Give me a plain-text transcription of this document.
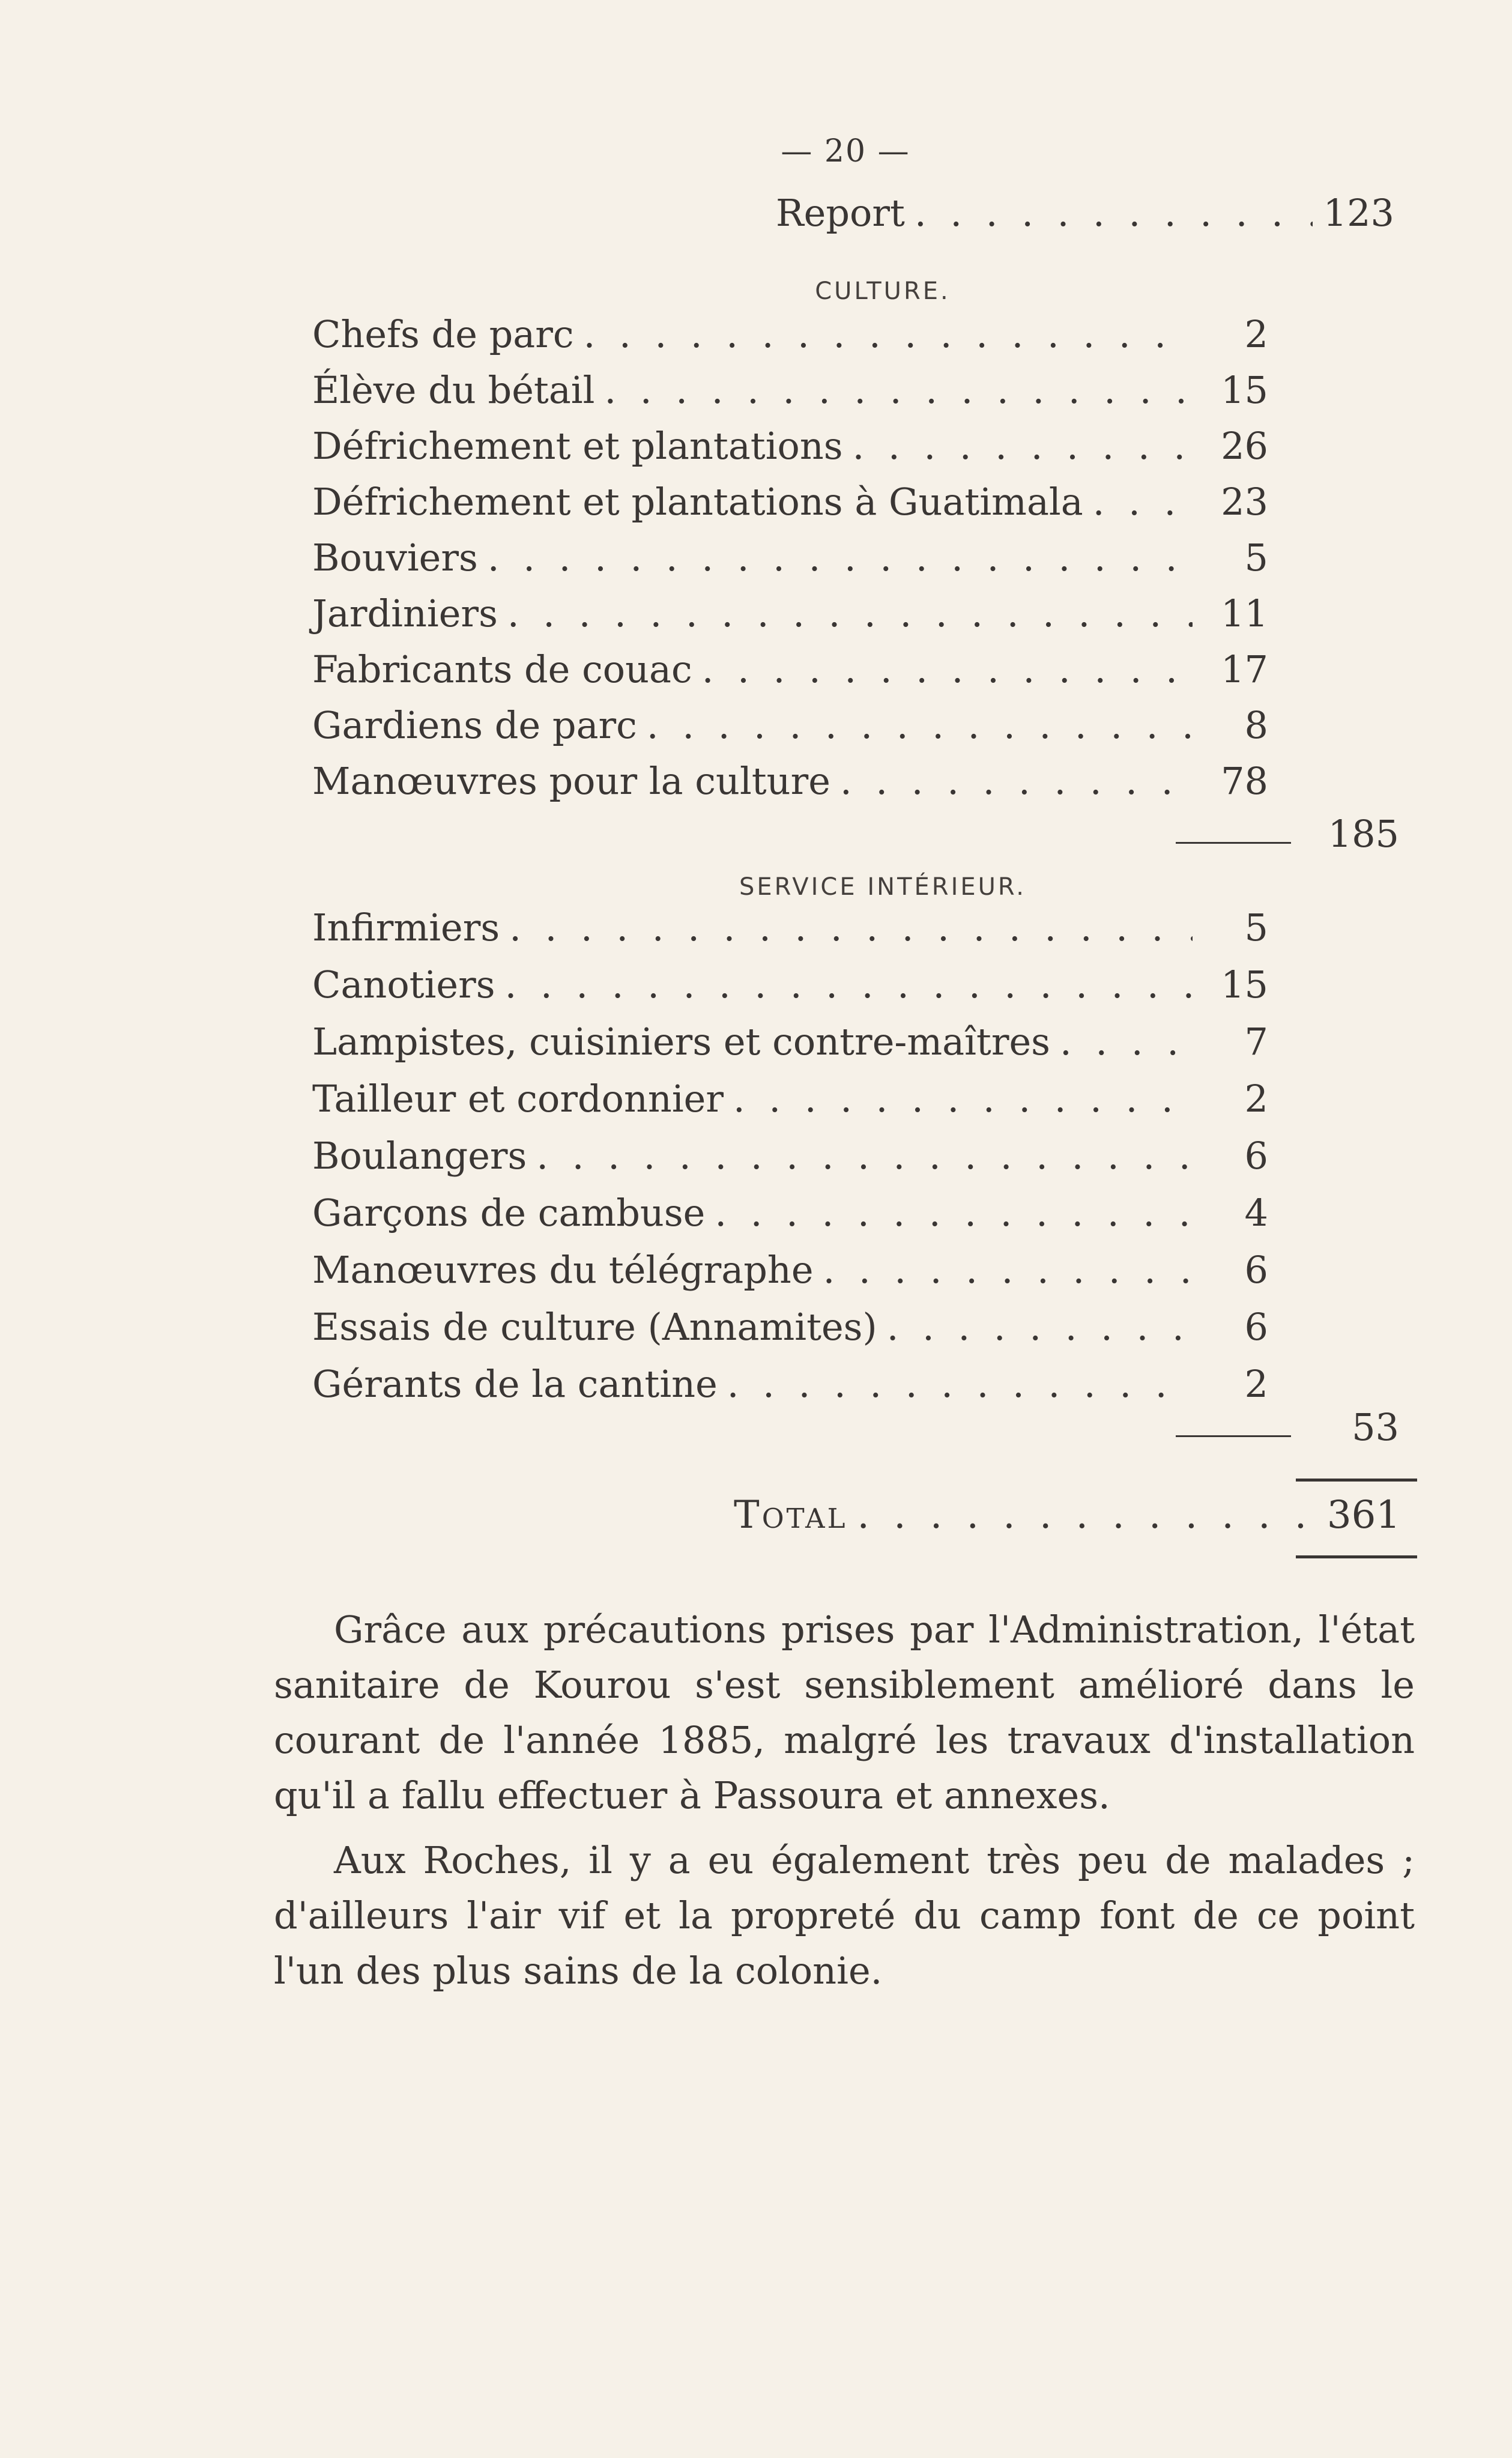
— 20 —
Report . . .	123
CULTURE.
Chefs de parc . . .	2
Élève du bétail . . .	15
Défrichement et plantations . . .	26
Défrichement et plantations à Guatimala . . .	23
Bouviers . . .	5
Jardiniers . . .	11
Fabricants de couac . . .	17
Gardiens de parc . . .	8
Manœuvres pour la culture . . .	78
185
SERVICE INTÉRIEUR.
Infirmiers . . .	5
Canotiers . . .	15
Lampistes, cuisiniers et contre-maîtres . . .	7
Tailleur et cordonnier . . .	2
Boulangers . . .	6
Garçons de cambuse . . .	4
Manœuvres du télégraphe . . .	6
Essais de culture (Annamites) . . .	6
Gérants de la cantine . . .	2
53
Total . . .	361

Grâce aux précautions prises par l'Administration, l'état sanitaire de Kourou s'est sensiblement amélioré dans le courant de l'année 1885, malgré les travaux d'installation qu'il a fallu effectuer à Passoura et annexes.

Aux Roches, il y a eu également très peu de malades ; d'ailleurs l'air vif et la propreté du camp font de ce point l'un des plus sains de la colonie.
